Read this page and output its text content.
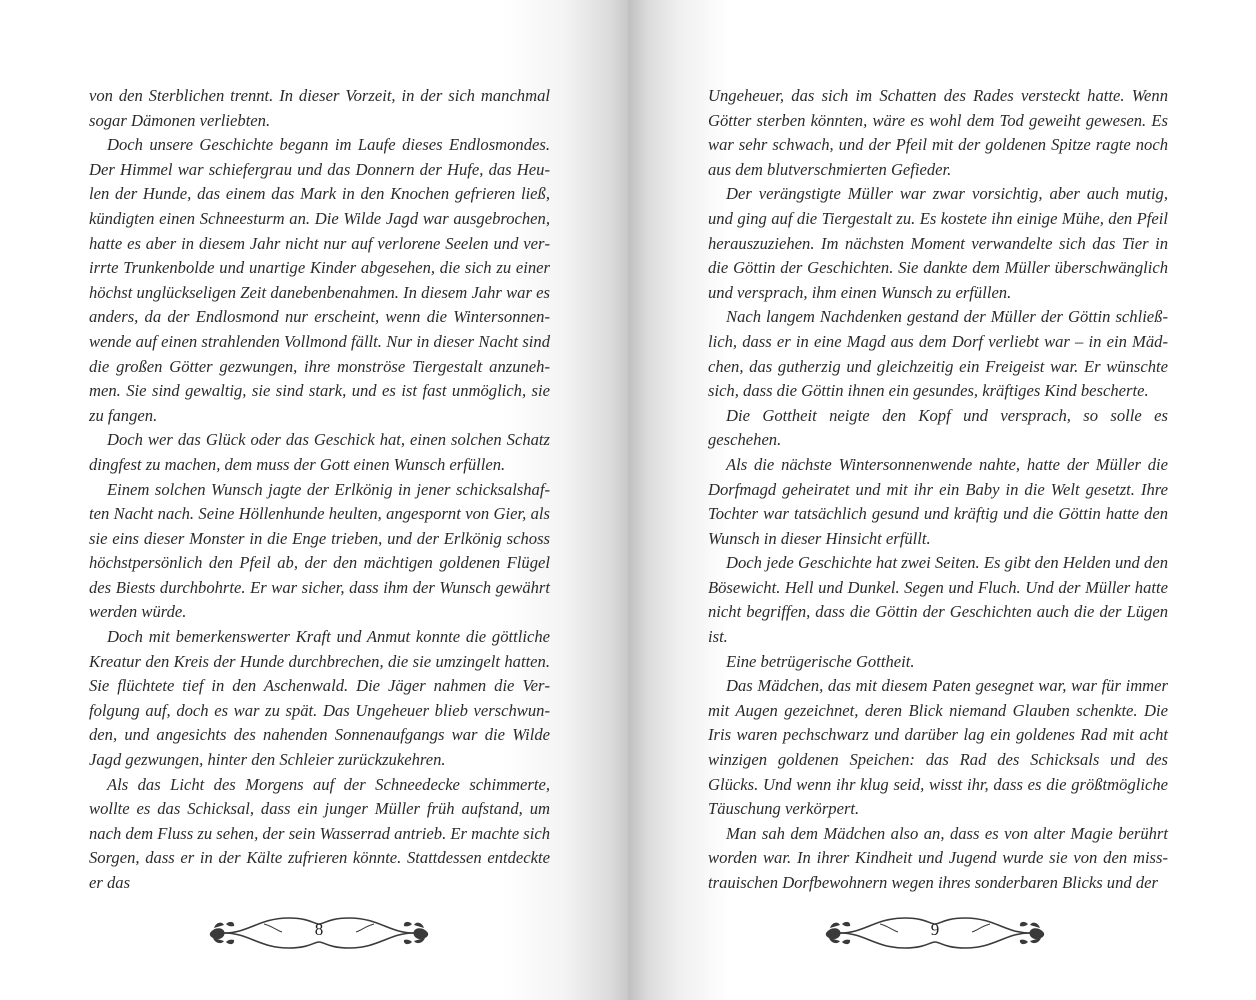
von den Sterblichen trennt. In dieser Vorzeit, in der sich manchmal sogar Dämonen verliebten.

Doch unsere Geschichte begann im Laufe dieses Endlosmondes. Der Himmel war schiefergrau und das Donnern der Hufe, das Heulen der Hunde, das einem das Mark in den Knochen gefrieren ließ, kündigten einen Schneesturm an. Die Wilde Jagd war ausgebrochen, hatte es aber in diesem Jahr nicht nur auf verlorene Seelen und verirrte Trunkenbolde und unartige Kinder abgesehen, die sich zu einer höchst unglückseligen Zeit danebenbenahmen. In diesem Jahr war es anders, da der Endlosmond nur erscheint, wenn die Wintersonnenwende auf einen strahlenden Vollmond fällt. Nur in dieser Nacht sind die großen Götter gezwungen, ihre monströse Tiergestalt anzunehmen. Sie sind gewaltig, sie sind stark, und es ist fast unmöglich, sie zu fangen.

Doch wer das Glück oder das Geschick hat, einen solchen Schatz dingfest zu machen, dem muss der Gott einen Wunsch erfüllen.

Einem solchen Wunsch jagte der Erlkönig in jener schicksalshaften Nacht nach. Seine Höllenhunde heulten, angespornt von Gier, als sie eins dieser Monster in die Enge trieben, und der Erlkönig schoss höchstpersönlich den Pfeil ab, der den mächtigen goldenen Flügel des Biests durchbohrte. Er war sicher, dass ihm der Wunsch gewährt werden würde.

Doch mit bemerkenswerter Kraft und Anmut konnte die göttliche Kreatur den Kreis der Hunde durchbrechen, die sie umzingelt hatten. Sie flüchtete tief in den Aschenwald. Die Jäger nahmen die Verfolgung auf, doch es war zu spät. Das Ungeheuer blieb verschwunden, und angesichts des nahenden Sonnenaufgangs war die Wilde Jagd gezwungen, hinter den Schleier zurückzukehren.

Als das Licht des Morgens auf der Schneedecke schimmerte, wollte es das Schicksal, dass ein junger Müller früh aufstand, um nach dem Fluss zu sehen, der sein Wasserrad antrieb. Er machte sich Sorgen, dass er in der Kälte zufrieren könnte. Stattdessen entdeckte er das

8

Ungeheuer, das sich im Schatten des Rades versteckt hatte. Wenn Götter sterben könnten, wäre es wohl dem Tod geweiht gewesen. Es war sehr schwach, und der Pfeil mit der goldenen Spitze ragte noch aus dem blutverschmierten Gefieder.

Der verängstigte Müller war zwar vorsichtig, aber auch mutig, und ging auf die Tiergestalt zu. Es kostete ihn einige Mühe, den Pfeil herauszuziehen. Im nächsten Moment verwandelte sich das Tier in die Göttin der Geschichten. Sie dankte dem Müller überschwänglich und versprach, ihm einen Wunsch zu erfüllen.

Nach langem Nachdenken gestand der Müller der Göttin schließlich, dass er in eine Magd aus dem Dorf verliebt war – in ein Mädchen, das gutherzig und gleichzeitig ein Freigeist war. Er wünschte sich, dass die Göttin ihnen ein gesundes, kräftiges Kind bescherte.

Die Gottheit neigte den Kopf und versprach, so solle es geschehen.

Als die nächste Wintersonnenwende nahte, hatte der Müller die Dorfmagd geheiratet und mit ihr ein Baby in die Welt gesetzt. Ihre Tochter war tatsächlich gesund und kräftig und die Göttin hatte den Wunsch in dieser Hinsicht erfüllt.

Doch jede Geschichte hat zwei Seiten. Es gibt den Helden und den Bösewicht. Hell und Dunkel. Segen und Fluch. Und der Müller hatte nicht begriffen, dass die Göttin der Geschichten auch die der Lügen ist.

Eine betrügerische Gottheit.

Das Mädchen, das mit diesem Paten gesegnet war, war für immer mit Augen gezeichnet, deren Blick niemand Glauben schenkte. Die Iris waren pechschwarz und darüber lag ein goldenes Rad mit acht winzigen goldenen Speichen: das Rad des Schicksals und des Glücks. Und wenn ihr klug seid, wisst ihr, dass es die größtmögliche Täuschung verkörpert.

Man sah dem Mädchen also an, dass es von alter Magie berührt worden war. In ihrer Kindheit und Jugend wurde sie von den misstrauischen Dorfbewohnern wegen ihres sonderbaren Blicks und der

9
